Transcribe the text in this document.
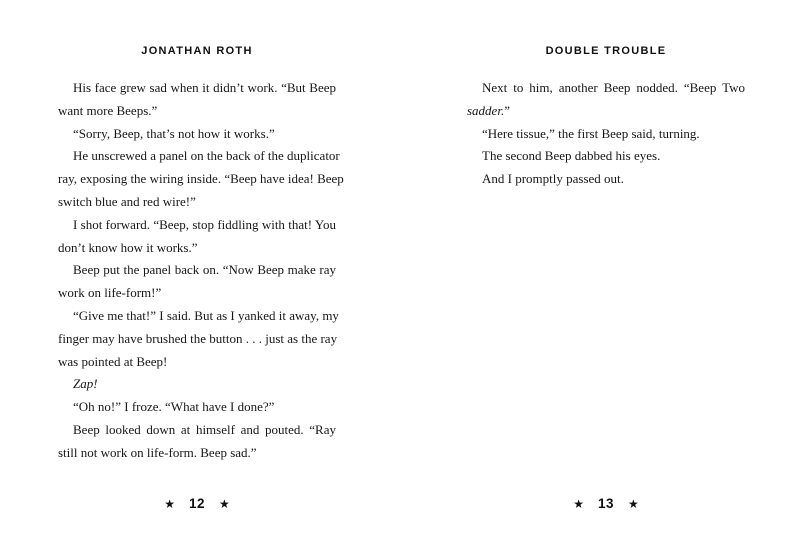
JONATHAN ROTH
His face grew sad when it didn’t work. “But Beep
want more Beeps.”
“Sorry, Beep, that’s not how it works.”
He unscrewed a panel on the back of the duplicator
ray, exposing the wiring inside. “Beep have idea! Beep
switch blue and red wire!”
I shot forward. “Beep, stop fiddling with that! You
don’t know how it works.”
Beep put the panel back on. “Now Beep make ray
work on life-form!”
“Give me that!” I said. But as I yanked it away, my
finger may have brushed the button . . . just as the ray
was pointed at Beep!
Zap!
“Oh no!” I froze. “What have I done?”
Beep looked down at himself and pouted. “Ray
still not work on life-form. Beep sad.”
★ 12 ★
DOUBLE TROUBLE
Next to him, another Beep nodded. “Beep Two
sadder.”
“Here tissue,” the first Beep said, turning.
The second Beep dabbed his eyes.
And I promptly passed out.
★ 13 ★
